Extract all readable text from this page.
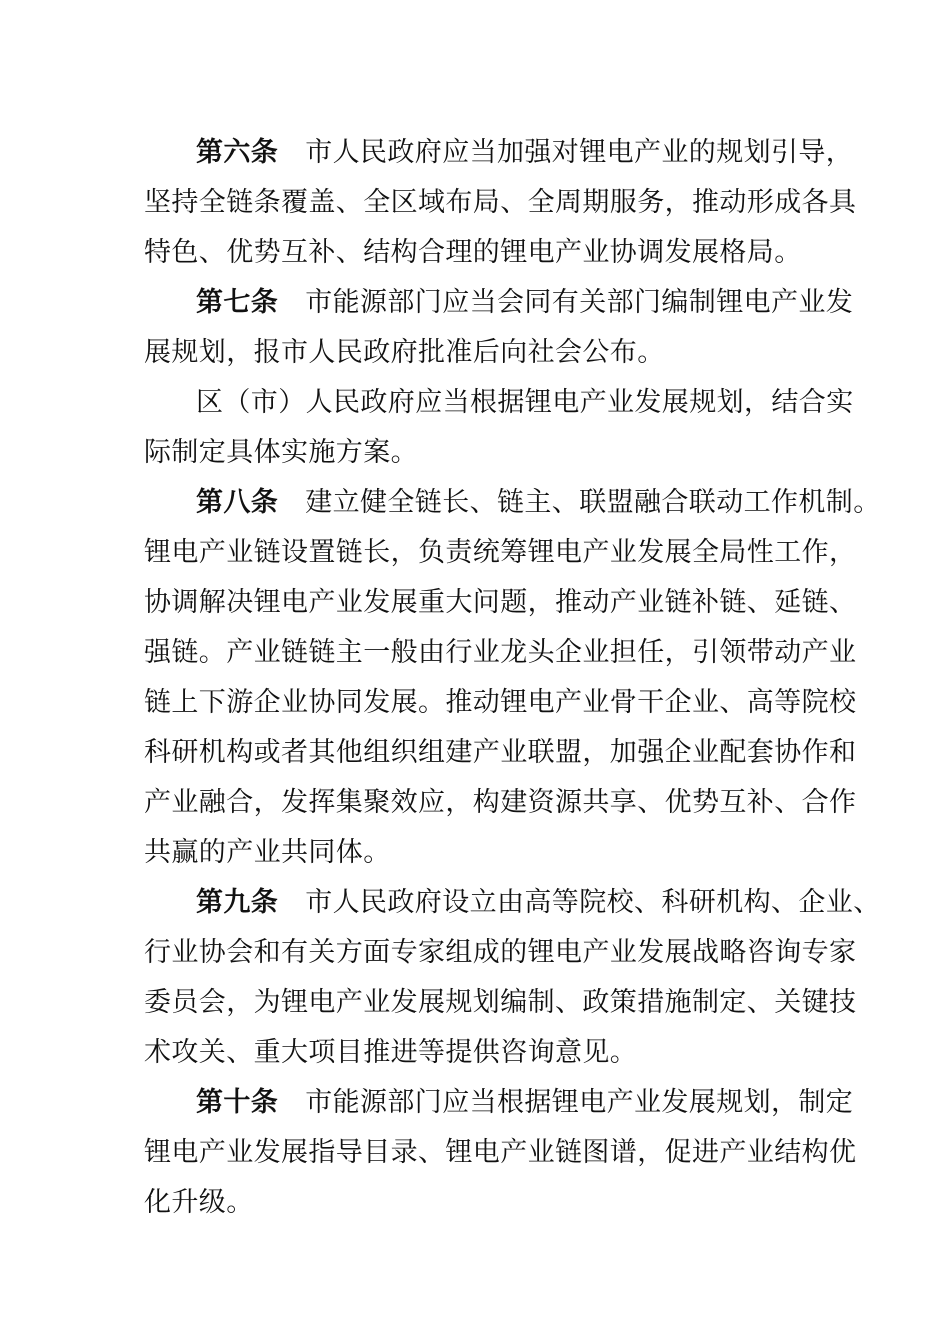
第六条 市人民政府应当加强对锂电产业的规划引导，
坚持全链条覆盖、全区域布局、全周期服务，推动形成各具
特色、优势互补、结构合理的锂电产业协调发展格局。
第七条 市能源部门应当会同有关部门编制锂电产业发
展规划，报市人民政府批准后向社会公布。
区（市）人民政府应当根据锂电产业发展规划，结合实
际制定具体实施方案。
第八条 建立健全链长、链主、联盟融合联动工作机制。
锂电产业链设置链长，负责统筹锂电产业发展全局性工作，
协调解决锂电产业发展重大问题，推动产业链补链、延链、
强链。产业链链主一般由行业龙头企业担任，引领带动产业
链上下游企业协同发展。推动锂电产业骨干企业、高等院校
科研机构或者其他组织组建产业联盟，加强企业配套协作和
产业融合，发挥集聚效应，构建资源共享、优势互补、合作
共赢的产业共同体。
第九条 市人民政府设立由高等院校、科研机构、企业、
行业协会和有关方面专家组成的锂电产业发展战略咨询专家
委员会，为锂电产业发展规划编制、政策措施制定、关键技
术攻关、重大项目推进等提供咨询意见。
第十条 市能源部门应当根据锂电产业发展规划，制定
锂电产业发展指导目录、锂电产业链图谱，促进产业结构优
化升级。
